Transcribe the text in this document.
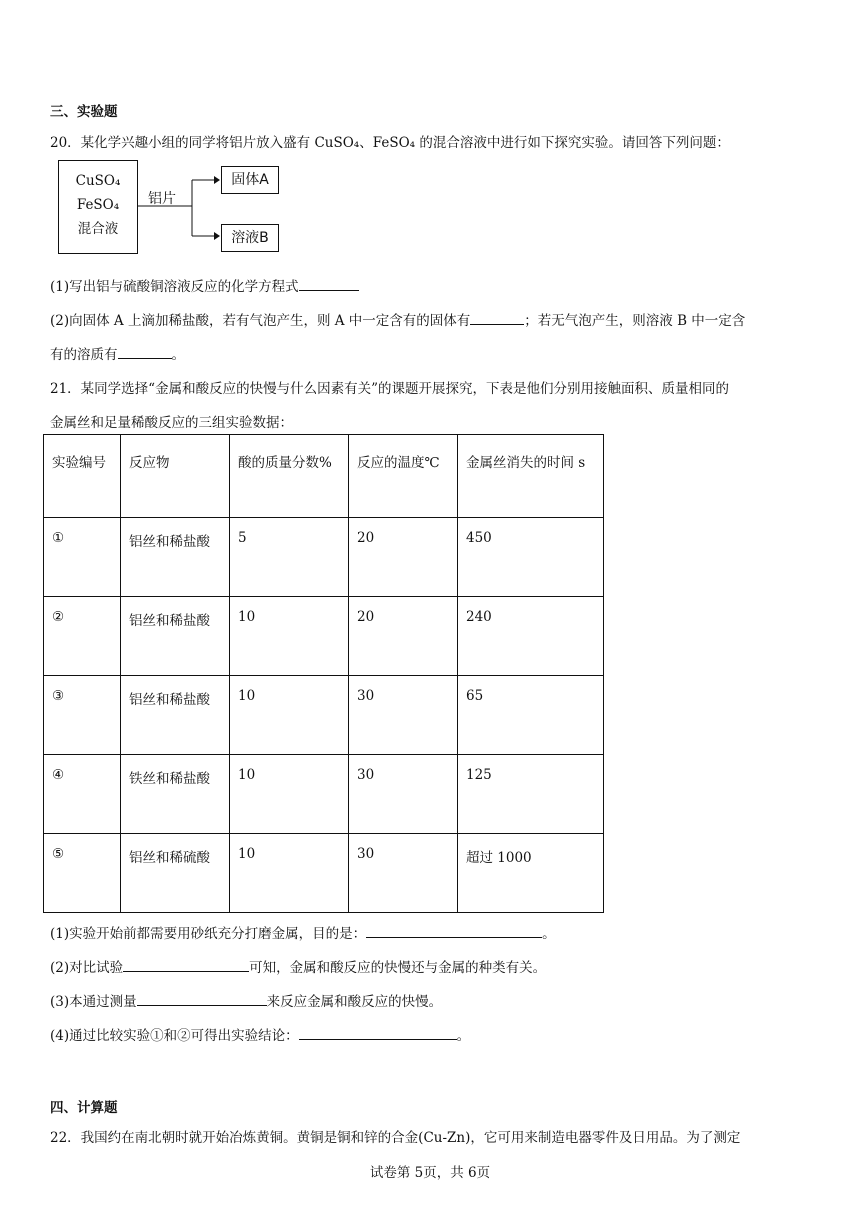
三、实验题
20．某化学兴趣小组的同学将铝片放入盛有 CuSO₄、FeSO₄ 的混合溶液中进行如下探究实验。请回答下列问题：
CuSO₄
FeSO₄
混合液
铝片
固体A
溶液B
(1)写出铝与硫酸铜溶液反应的化学方程式
(2)向固体 A 上滴加稀盐酸，若有气泡产生，则 A 中一定含有的固体有	；若无气泡产生，则溶液 B 中一定含
有的溶质有	。
21．某同学选择“金属和酸反应的快慢与什么因素有关”的课题开展探究，下表是他们分别用接触面积、质量相同的
金属丝和足量稀酸反应的三组实验数据：
实验编号	反应物	酸的质量分数%	反应的温度℃	金属丝消失的时间 s
①	铝丝和稀盐酸	5	20	450
②	铝丝和稀盐酸	10	20	240
③	铝丝和稀盐酸	10	30	65
④	铁丝和稀盐酸	10	30	125
⑤	铝丝和稀硫酸	10	30	超过 1000
(1)实验开始前都需要用砂纸充分打磨金属，目的是：	。
(2)对比试验	可知，金属和酸反应的快慢还与金属的种类有关。
(3)本通过测量	来反应金属和酸反应的快慢。
(4)通过比较实验①和②可得出实验结论：	。
四、计算题
22．我国约在南北朝时就开始冶炼黄铜。黄铜是铜和锌的合金(Cu-Zn)，它可用来制造电器零件及日用品。为了测定
试卷第 5页，共 6页
